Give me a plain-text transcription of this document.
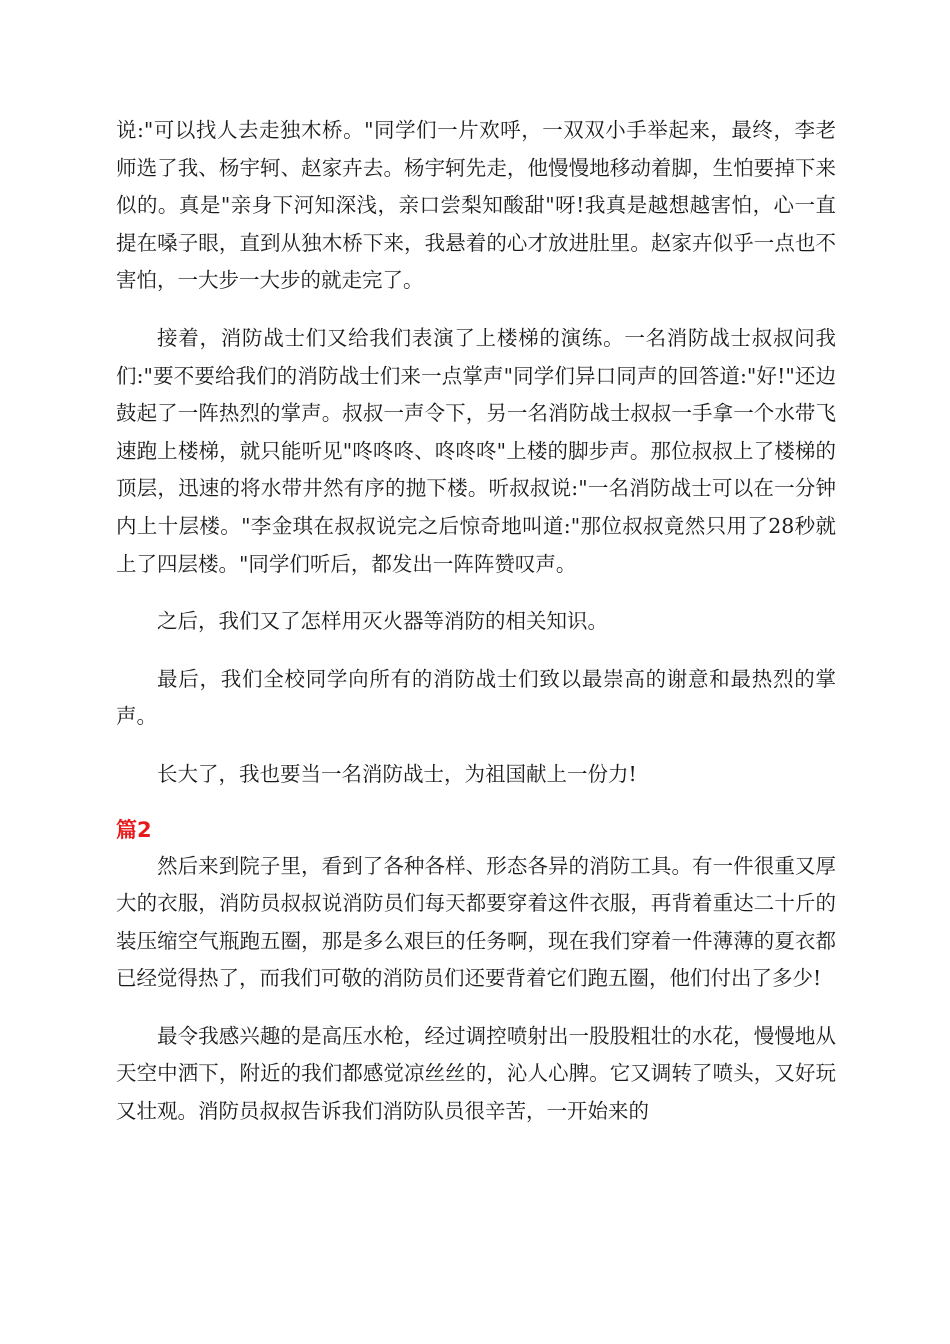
说:"可以找人去走独木桥。"同学们一片欢呼，一双双小手举起来，最终，李老师选了我、杨宇轲、赵家卉去。杨宇轲先走，他慢慢地移动着脚，生怕要掉下来似的。真是"亲身下河知深浅，亲口尝梨知酸甜"呀!我真是越想越害怕，心一直提在嗓子眼，直到从独木桥下来，我悬着的心才放进肚里。赵家卉似乎一点也不害怕，一大步一大步的就走完了。

接着，消防战士们又给我们表演了上楼梯的演练。一名消防战士叔叔问我们:"要不要给我们的消防战士们来一点掌声"同学们异口同声的回答道:"好!"还边鼓起了一阵热烈的掌声。叔叔一声令下，另一名消防战士叔叔一手拿一个水带飞速跑上楼梯，就只能听见"咚咚咚、咚咚咚"上楼的脚步声。那位叔叔上了楼梯的顶层，迅速的将水带井然有序的抛下楼。听叔叔说:"一名消防战士可以在一分钟内上十层楼。"李金琪在叔叔说完之后惊奇地叫道:"那位叔叔竟然只用了28秒就上了四层楼。"同学们听后，都发出一阵阵赞叹声。

之后，我们又了怎样用灭火器等消防的相关知识。

最后，我们全校同学向所有的消防战士们致以最崇高的谢意和最热烈的掌声。

长大了，我也要当一名消防战士，为祖国献上一份力!

篇2

然后来到院子里，看到了各种各样、形态各异的消防工具。有一件很重又厚大的衣服，消防员叔叔说消防员们每天都要穿着这件衣服，再背着重达二十斤的装压缩空气瓶跑五圈，那是多么艰巨的任务啊，现在我们穿着一件薄薄的夏衣都已经觉得热了，而我们可敬的消防员们还要背着它们跑五圈，他们付出了多少!

最令我感兴趣的是高压水枪，经过调控喷射出一股股粗壮的水花，慢慢地从天空中洒下，附近的我们都感觉凉丝丝的，沁人心脾。它又调转了喷头，又好玩又壮观。消防员叔叔告诉我们消防队员很辛苦，一开始来的
